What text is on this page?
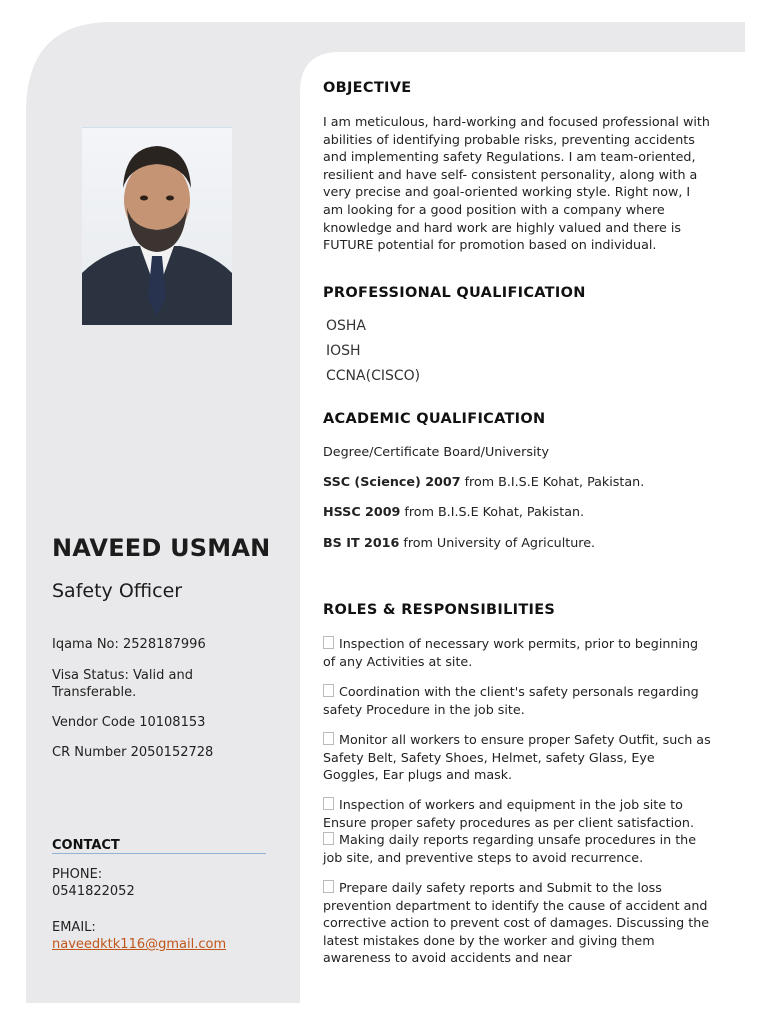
NAVEED USMAN
Safety Officer
Iqama No: 2528187996
Visa Status: Valid and Transferable.
Vendor Code 10108153
CR Number 2050152728
CONTACT
PHONE:
0541822052
EMAIL:
naveedktk116@gmail.com
OBJECTIVE
I am meticulous, hard-working and focused professional with abilities of identifying probable risks, preventing accidents and implementing safety Regulations. I am team-oriented, resilient and have self- consistent personality, along with a very precise and goal-oriented working style. Right now, I am looking for a good position with a company where knowledge and hard work are highly valued and there is FUTURE potential for promotion based on individual.
PROFESSIONAL QUALIFICATION
OSHA
IOSH
CCNA(CISCO)
ACADEMIC QUALIFICATION
Degree/Certificate Board/University
SSC (Science) 2007 from B.I.S.E Kohat, Pakistan.
HSSC 2009 from B.I.S.E Kohat, Pakistan.
BS IT 2016 from University of Agriculture.
ROLES & RESPONSIBILITIES
Inspection of necessary work permits, prior to beginning of any Activities at site.
Coordination with the client's safety personals regarding safety Procedure in the job site.
Monitor all workers to ensure proper Safety Outfit, such as Safety Belt, Safety Shoes, Helmet, safety Glass, Eye Goggles, Ear plugs and mask.
Inspection of workers and equipment in the job site to Ensure proper safety procedures as per client satisfaction.
Making daily reports regarding unsafe procedures in the job site, and preventive steps to avoid recurrence.
Prepare daily safety reports and Submit to the loss prevention department to identify the cause of accident and corrective action to prevent cost of damages. Discussing the latest mistakes done by the worker and giving them awareness to avoid accidents and near
